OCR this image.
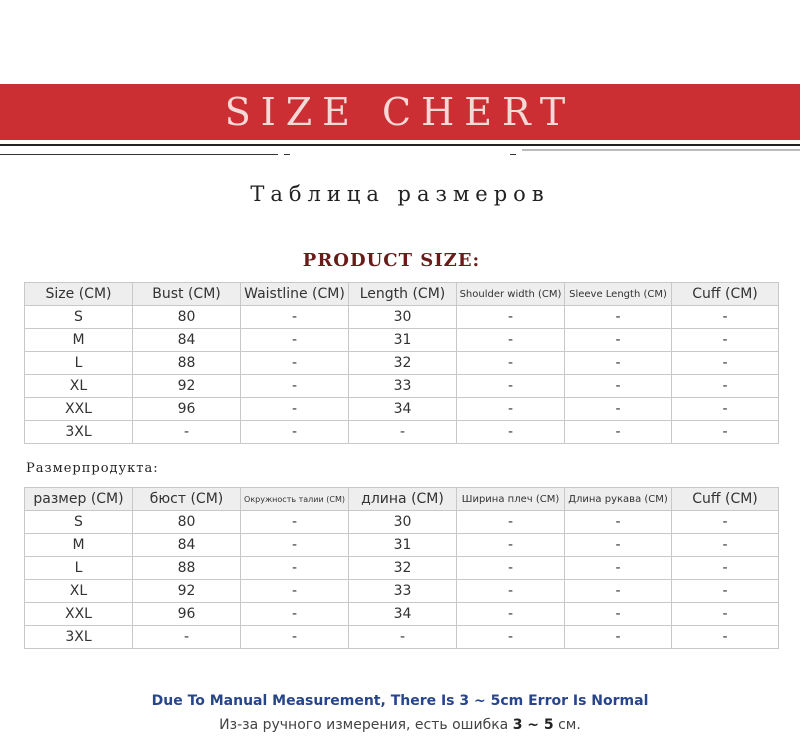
SIZE CHERT
Таблица размеров
PRODUCT SIZE:
Size (CM)	Bust (CM)	Waistline (CM)	Length (CM)	Shoulder width (CM)	Sleeve Length (CM)	Cuff (CM)
S	80	-	30	-	-	-
M	84	-	31	-	-	-
L	88	-	32	-	-	-
XL	92	-	33	-	-	-
XXL	96	-	34	-	-	-
3XL	-	-	-	-	-	-
Размерпродукта:
размер (CM)	бюст (CM)	Окружность талии (CM)	длина (CM)	Ширина плеч (CM)	Длина рукава (CM)	Cuff (CM)
S	80	-	30	-	-	-
M	84	-	31	-	-	-
L	88	-	32	-	-	-
XL	92	-	33	-	-	-
XXL	96	-	34	-	-	-
3XL	-	-	-	-	-	-
Due To Manual Measurement, There Is 3 ~ 5cm Error Is Normal
Из-за ручного измерения, есть ошибка 3 ~ 5 см.
